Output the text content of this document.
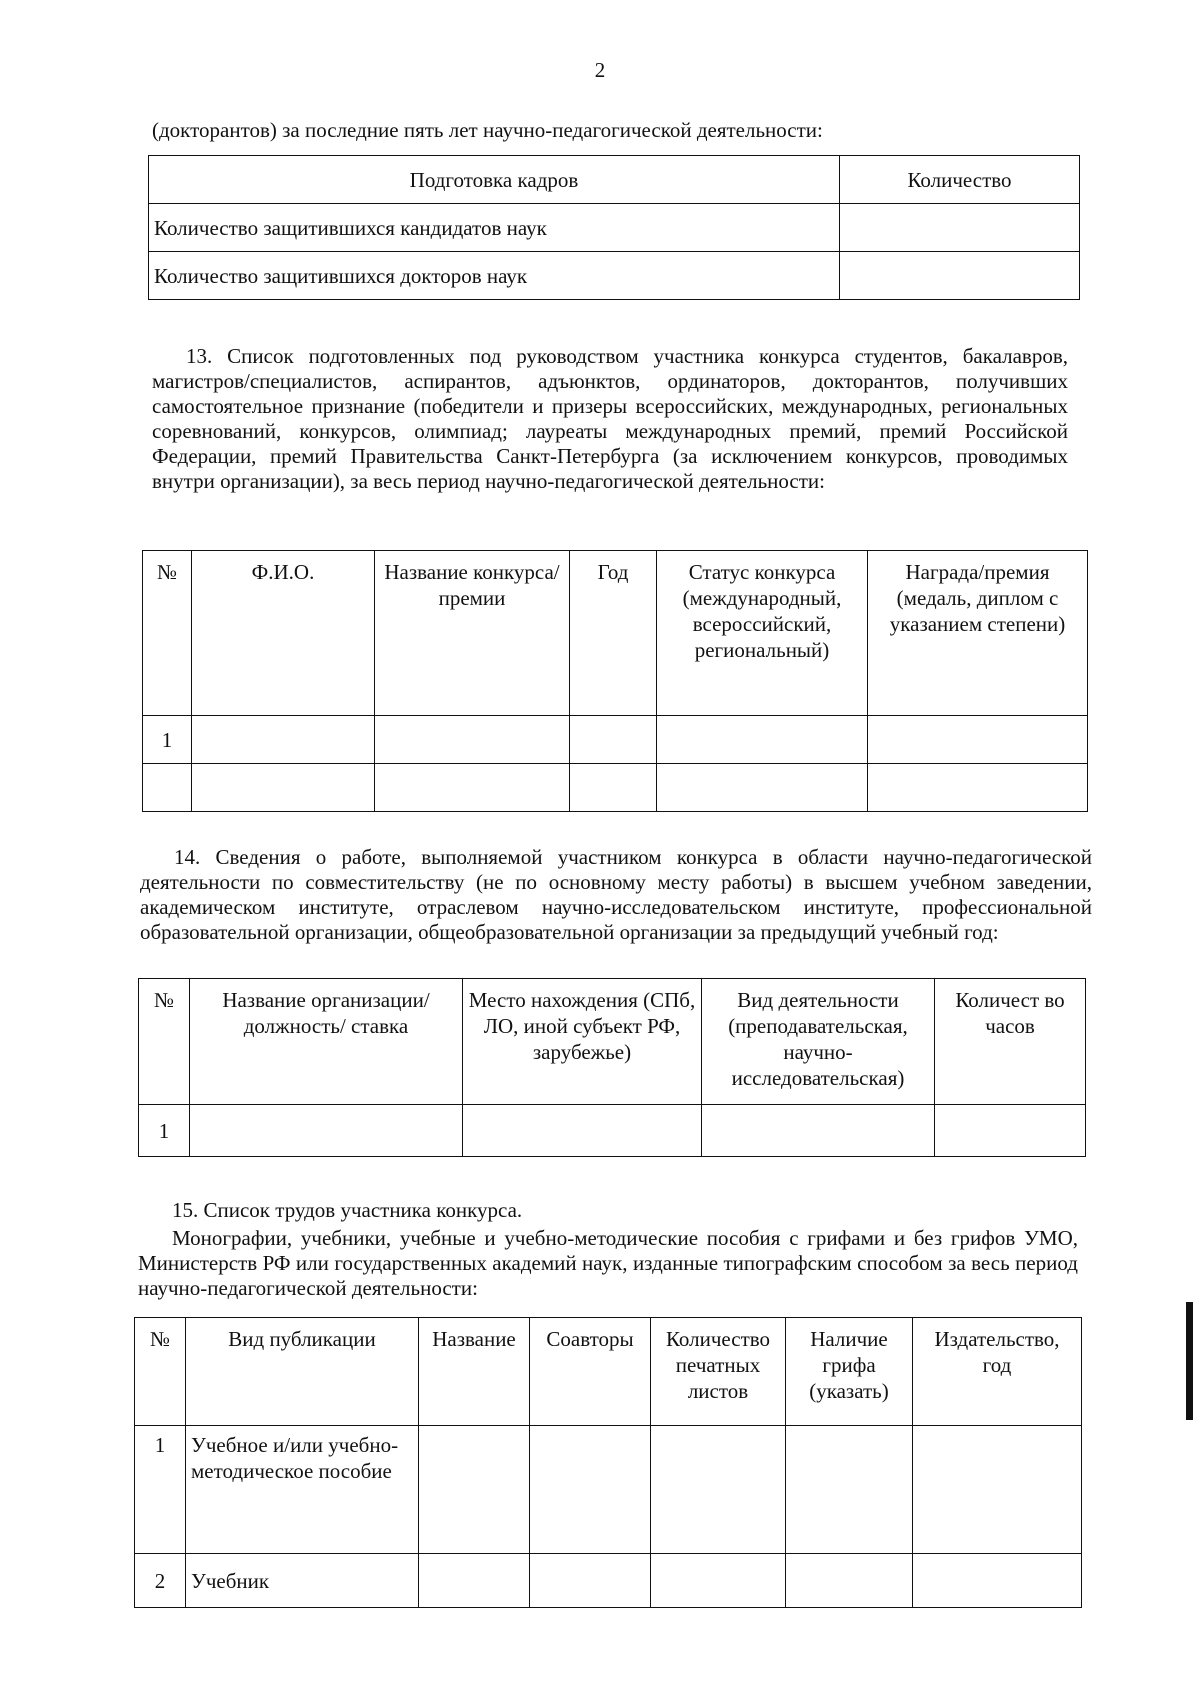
2
(докторантов) за последние пять лет научно-педагогической деятельности:
Подготовка кадров	Количество
Количество защитившихся кандидатов наук	
Количество защитившихся докторов наук	
13. Список подготовленных под руководством участника конкурса студентов, бакалавров, магистров/специалистов, аспирантов, адъюнктов, ординаторов, докторантов, получивших самостоятельное признание (победители и призеры всероссийских, международных, региональных соревнований, конкурсов, олимпиад; лауреаты международных премий, премий Российской Федерации, премий Правительства Санкт-Петербурга (за исключением конкурсов, проводимых внутри организации), за весь период научно-педагогической деятельности:
№	Ф.И.О.	Название конкурса/премии	Год	Статус конкурса (международный, всероссийский, региональный)	Награда/премия (медаль, диплом с указанием степени)
1					

14. Сведения о работе, выполняемой участником конкурса в области научно-педагогической деятельности по совместительству (не по основному месту работы) в высшем учебном заведении, академическом институте, отраслевом научно-исследовательском институте, профессиональной образовательной организации, общеобразовательной организации за предыдущий учебный год:
№	Название организации/должность/ ставка	Место нахождения (СПб, ЛО, иной субъект РФ, зарубежье)	Вид деятельности (преподавательская, научно-исследовательская)	Количест во часов
1				
15. Список трудов участника конкурса.
Монографии, учебники, учебные и учебно-методические пособия с грифами и без грифов УМО, Министерств РФ или государственных академий наук, изданные типографским способом за весь период научно-педагогической деятельности:
№	Вид публикации	Название	Соавторы	Количество печатных листов	Наличие грифа (указать)	Издательство, год
1	Учебное и/или учебно-методическое пособие					
2	Учебник					
